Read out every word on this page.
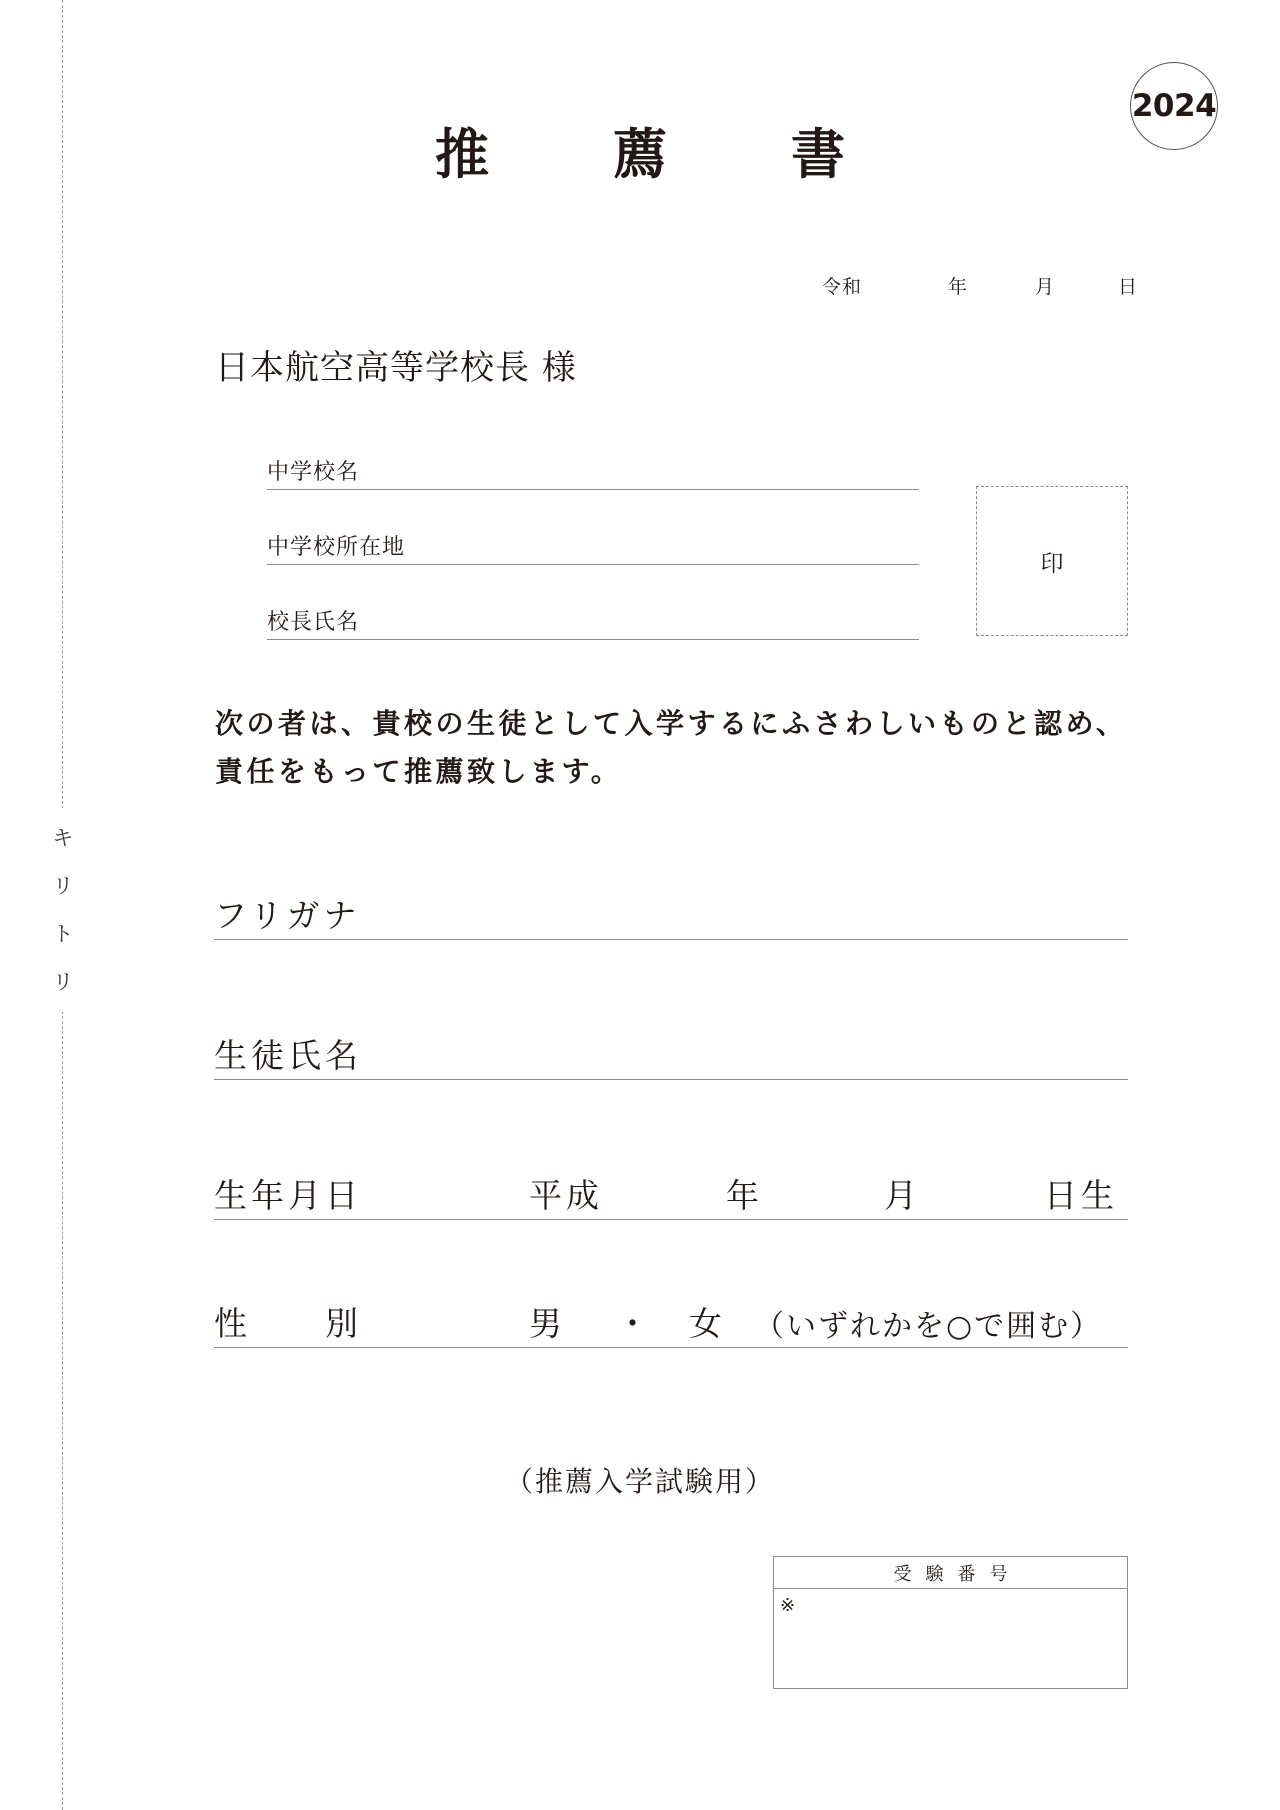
キ
リ
ト
リ
2024
推 薦 書
令和	年	月	日
日本航空高等学校長 様
中学校名
中学校所在地
校長氏名
印

次の者は、貴校の生徒として入学するにふさわしいものと認め、

責任をもって推薦致します。

フリガナ
生徒氏名
生年月日	平成	年	月	日生
性　　別	男 ・ 女 （いずれかを○で囲む）
（推薦入学試験用）
受験番号
※
